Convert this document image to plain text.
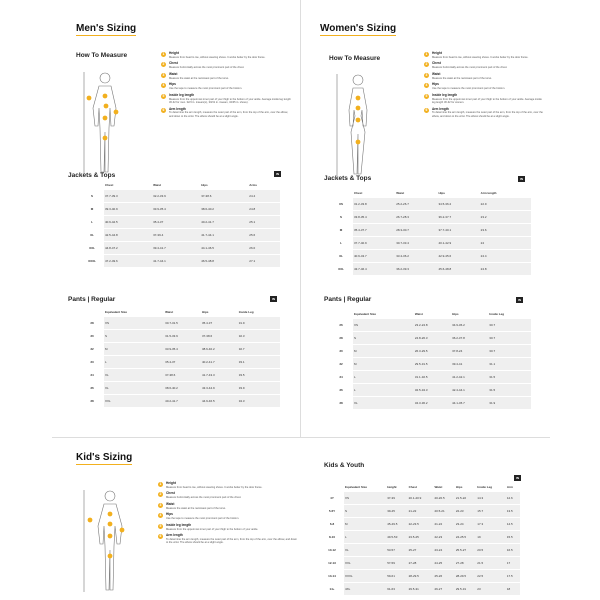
Men's Sizing
How To Measure	1	Height
Measure from head to toe, without wearing shoes. It works better by the door frame.
2	Chest
Measure horizontally across the most prominent part of the chest.
3	Waist
Measure the waist at the narrowest part of the torso.
4	Hips
Use the tape to measure the most prominent part of the bottom.
5	Inside leg length
Measure from the uppermost inner part of your thigh to the bottom of your ankle. Average inside leg length 30-32 for men. 32/3 in. inseam(s), 30/31 in. inseam, 34/35 in. shoes).
6	Arm length
To determine the arm length, measure the outer part of the arm, from the top of the arm, over the elbow, and down to the wrist. The elbow should be at a slight angle.
Jackets & Tops	IN
	Chest	Waist	Hips	Arms
S	37.7-39.3	32.2-33.9	37-38.6	24.4
M	39.3-40.9	33.9-35.4	38.6-40.2	24.8
L	40.9-42.5	35.4-37	40.2-41.7	25.1
XL	42.5-44.8	37-39.4	41.7-44.1	25.6
XXL	44.8-47.2	39.4-41.7	44.1-46.5	26.0
XXXL	47.2-49.6	41.7-44.1	46.5-48.8	27.1
Pants | Regular	IN
	Equivalent Size	Waist	Hips	Inside Leg
28	XS	30.7-31.5	35.4-37	31.9
30	S	31.5-33.9	37-38.6	32.3
32	M	33.9-35.4	38.6-40.2	32.7
33	L	35.4-37	40.2-41.7	33.1
34	XL	37-38.6	41.7-43.3	33.5
36	XL	38.6-40.2	43.3-44.9	33.9
38	XXL	40.2-41.7	44.9-46.5	34.3
Women's Sizing
How To Measure
1	Height
Measure from head to toe, without wearing shoes. It works better by the door frame.
2	Chest
Measure horizontally across the most prominent part of the chest.
3	Waist
Measure the waist at the narrowest part of the torso.
4	Hips
Use the tape to measure the most prominent part of the bottom.
5	Inside leg length
Measure from the uppermost inner part of your thigh to the bottom of your ankle. Average inside leg length 30-32 for women.
6	Arm length
To determine the arm length, measure the outer part of the arm, from the top of the arm, over the elbow, and down to the wrist. The elbow should be at a slight angle.
Jackets & Tops	IN
	Chest	Waist	Hips	Arm length
XS	31.2-33.8	25.2-26.7	34.5-36.2	22.9
S	33.8-35.4	26.7-28.3	36.2-37.7	23.2
M	35.4-37.7	28.3-30.7	37.7-40.1	23.6
L	37.7-40.9	30.7-33.4	40.1-42.9	24
XL	40.9-43.7	33.4-36.2	42.9-45.6	24.4
XXL	43.7-46.4	36.2-39.3	45.6-48.8	24.8
Pants | Regular	IN
	Equivalent Size	Waist	Hips	Inside Leg
26	XS	23.2-24.8	34.9-36.2	30.7
28	S	24.8-26.3	36.2-37.8	30.7
30	M	26.3-29.5	37.8-24	30.7
32	M	29.5-31.5	39.4-41	31.1
34	L	31.1-32.5	41.2-42.1	31.5
36	L	32.5-34.3	42.4-44.1	31.5
38	XL	34.3-36.2	44.1-45.7	31.9
Kid's Sizing
1	Height
Measure from head to toe, without wearing shoes. It works better by the door frame.
2	Chest
Measure horizontally across the most prominent part of the chest.
3	Waist
Measure the waist at the narrowest part of the torso.
4	Hips
Use the tape to measure the most prominent part of the bottom.
5	Inside leg length
Measure from the uppermost inner part of your thigh to the bottom of your ankle.
6	Arm length
To determine the arm length, measure the outer part of the arm, from the top of the arm, over the elbow, and down to the wrist. The elbow should be at a slight angle.
Kids & Youth
IN
	Equivalent Size	Height	Chest	Waist	Hips	Inside Leg	Arm
4Y	XS	37-39	20.1-20.9	20-20.5	21.5-22	14.3	12.6
5-6Y	S	39-45	21-22	20.5-21	22-23	15.7	13.5
6-8	M	45-49.5	22-23.5	21-22	23-24	17.3	14.5
8-10	L	49.5-53	23.5-25	22-23	24-25.5	19	15.5
10-12	XL	53-57	25-27	23-24	25.5-27	20.5	16.5
12-13	XXL	57-59	27-28	24-25	27-28	21.5	17
13-14	XXXL	59-61	28-29.5	25-26	28-29.5	22.5	17.5
14+	4XL	61-63	29.5-31	26-27	29.5-31	23	18
